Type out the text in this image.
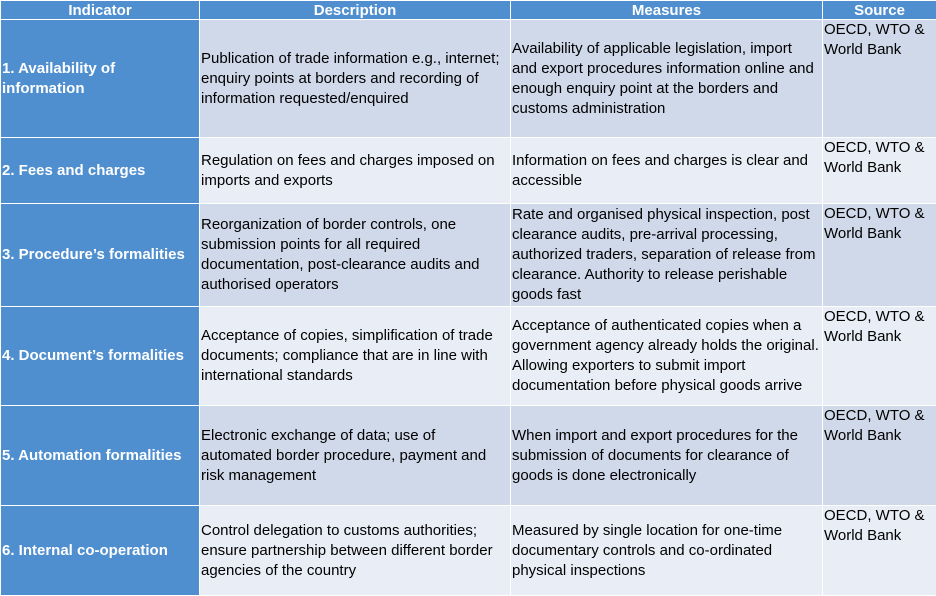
Indicator	Description	Measures	Source
1. Availability of information	Publication of trade information e.g., internet; enquiry points at borders and recording of information requested/enquired	Availability of applicable legislation, import and export procedures information online and enough enquiry point at the borders and customs administration	OECD, WTO & World Bank
2. Fees and charges	Regulation on fees and charges imposed on imports and exports	Information on fees and charges is clear and accessible	OECD, WTO & World Bank
3. Procedure’s formalities	Reorganization of border controls, one submission points for all required documentation, post-clearance audits and authorised operators	Rate and organised physical inspection, post clearance audits, pre-arrival processing, authorized traders, separation of release from clearance. Authority to release perishable goods fast	OECD, WTO & World Bank
4. Document’s formalities	Acceptance of copies, simplification of trade documents; compliance that are in line with international standards	Acceptance of authenticated copies when a government agency already holds the original. Allowing exporters to submit import documentation before physical goods arrive	OECD, WTO & World Bank
5. Automation formalities	Electronic exchange of data; use of automated border procedure, payment and risk management	When import and export procedures for the submission of documents for clearance of goods is done electronically	OECD, WTO & World Bank
6. Internal co-operation	Control delegation to customs authorities; ensure partnership between different border agencies of the country	Measured by single location for one-time documentary controls and co-ordinated physical inspections	OECD, WTO & World Bank
